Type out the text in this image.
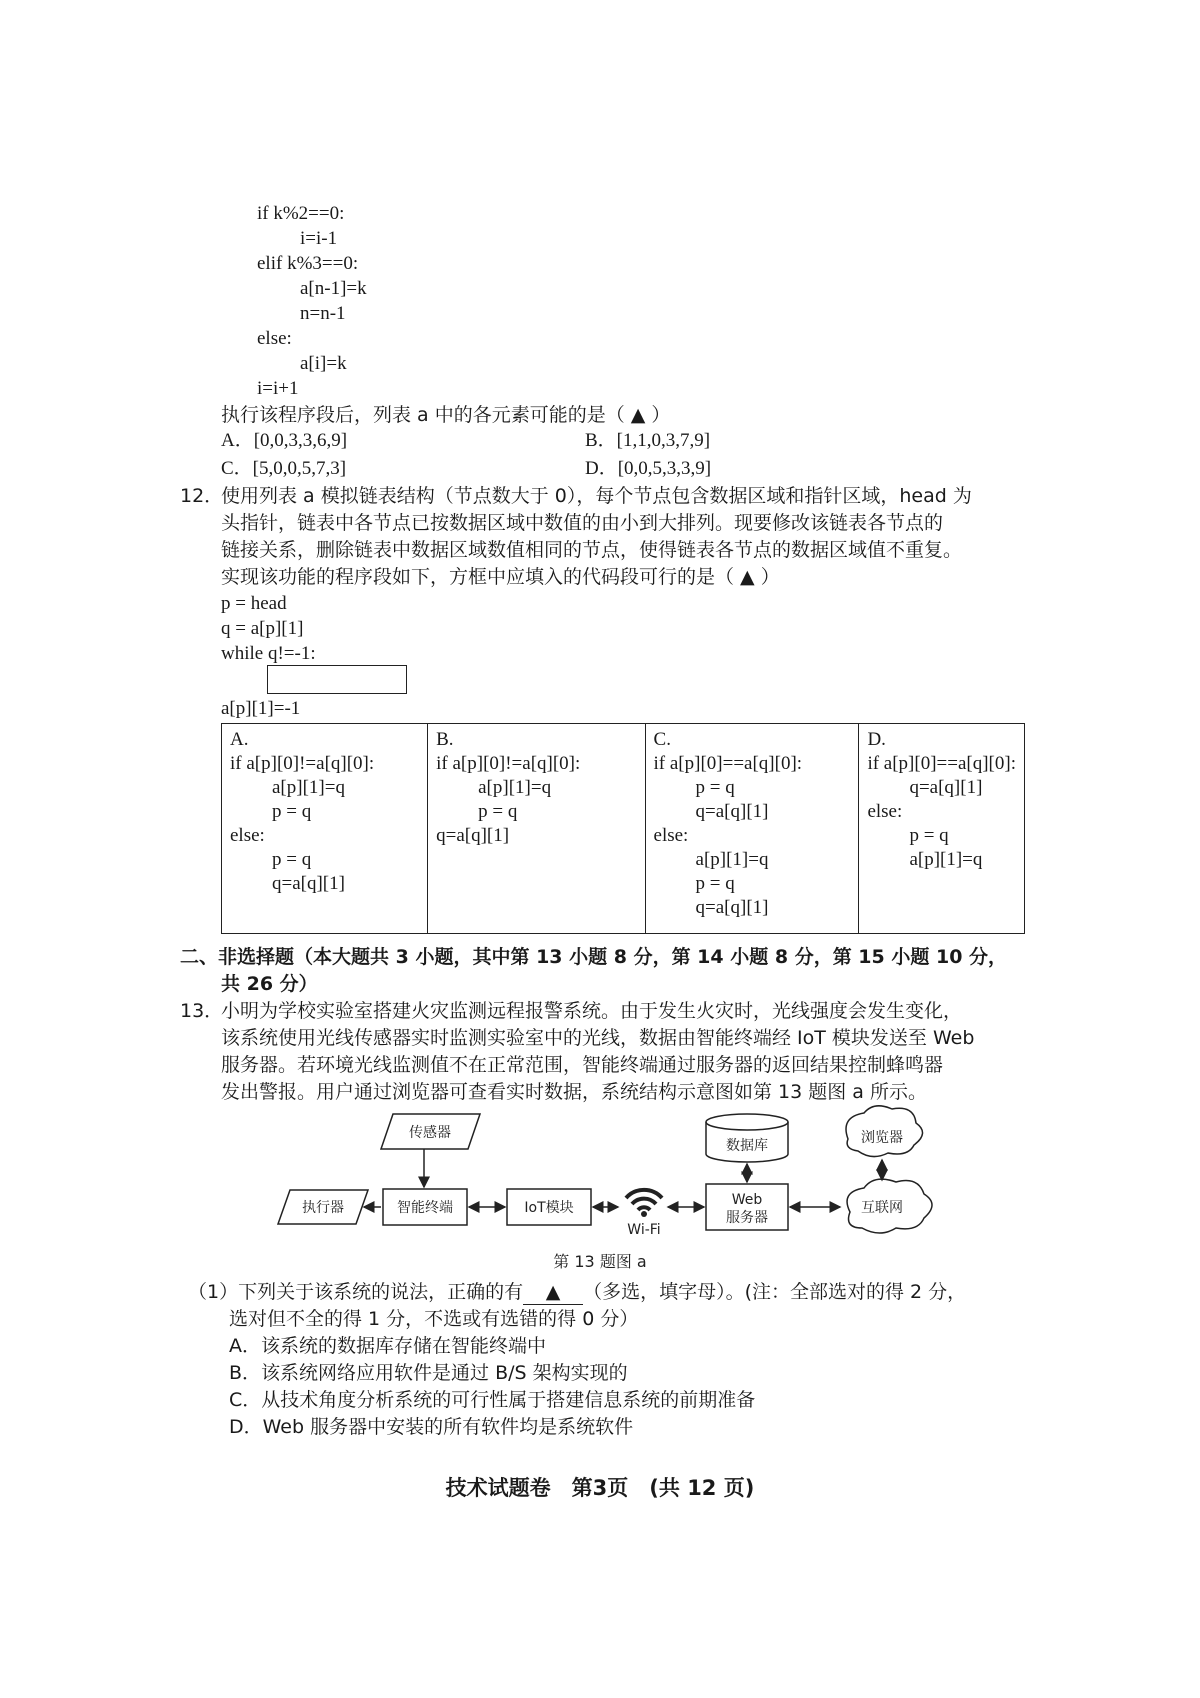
if k%2==0:
i=i-1
elif k%3==0:
a[n-1]=k
n=n-1
else:
a[i]=k
i=i+1
执行该程序段后，列表 a 中的各元素可能的是（ ▲ ）
A．[0,0,3,3,6,9]	B．[1,1,0,3,7,9]
C．[5,0,0,5,7,3]	D．[0,0,5,3,3,9]
12．
使用列表 a 模拟链表结构（节点数大于 0），每个节点包含数据区域和指针区域，head 为
头指针，链表中各节点已按数据区域中数值的由小到大排列。现要修改该链表各节点的
链接关系，删除链表中数据区域数值相同的节点，使得链表各节点的数据区域值不重复。
实现该功能的程序段如下，方框中应填入的代码段可行的是（ ▲ ）
p = head
q = a[p][1]
while q!=-1:
a[p][1]=-1
A.
if a[p][0]!=a[q][0]:
a[p][1]=q
p = q
else:
p = q
q=a[q][1]

B.
if a[p][0]!=a[q][0]:
a[p][1]=q
p = q
q=a[q][1]

C.
if a[p][0]==a[q][0]:
p = q
q=a[q][1]
else:
a[p][1]=q
p = q
q=a[q][1]

D.
if a[p][0]==a[q][0]:
q=a[q][1]
else:
p = q
a[p][1]=q
二、非选择题（本大题共 3 小题，其中第 13 小题 8 分，第 14 小题 8 分，第 15 小题 10 分，
共 26 分）
13．
小明为学校实验室搭建火灾监测远程报警系统。由于发生火灾时，光线强度会发生变化，
该系统使用光线传感器实时监测实验室中的光线，数据由智能终端经 IoT 模块发送至 Web
服务器。若环境光线监测值不在正常范围，智能终端通过服务器的返回结果控制蜂鸣器
发出警报。用户通过浏览器可查看实时数据，系统结构示意图如第 13 题图 a 所示。
传感器
执行器	智能终端	IoT模块
Wi-Fi
数据库
Web
服务器
浏览器
互联网
第 13 题图 a
（1）下列关于该系统的说法，正确的有 ▲ （多选，填字母）。(注：全部选对的得 2 分，
选对但不全的得 1 分，不选或有选错的得 0 分）
A．该系统的数据库存储在智能终端中
B．该系统网络应用软件是通过 B/S 架构实现的
C．从技术角度分析系统的可行性属于搭建信息系统的前期准备
D．Web 服务器中安装的所有软件均是系统软件
技术试题卷　第3页　(共 12 页)
